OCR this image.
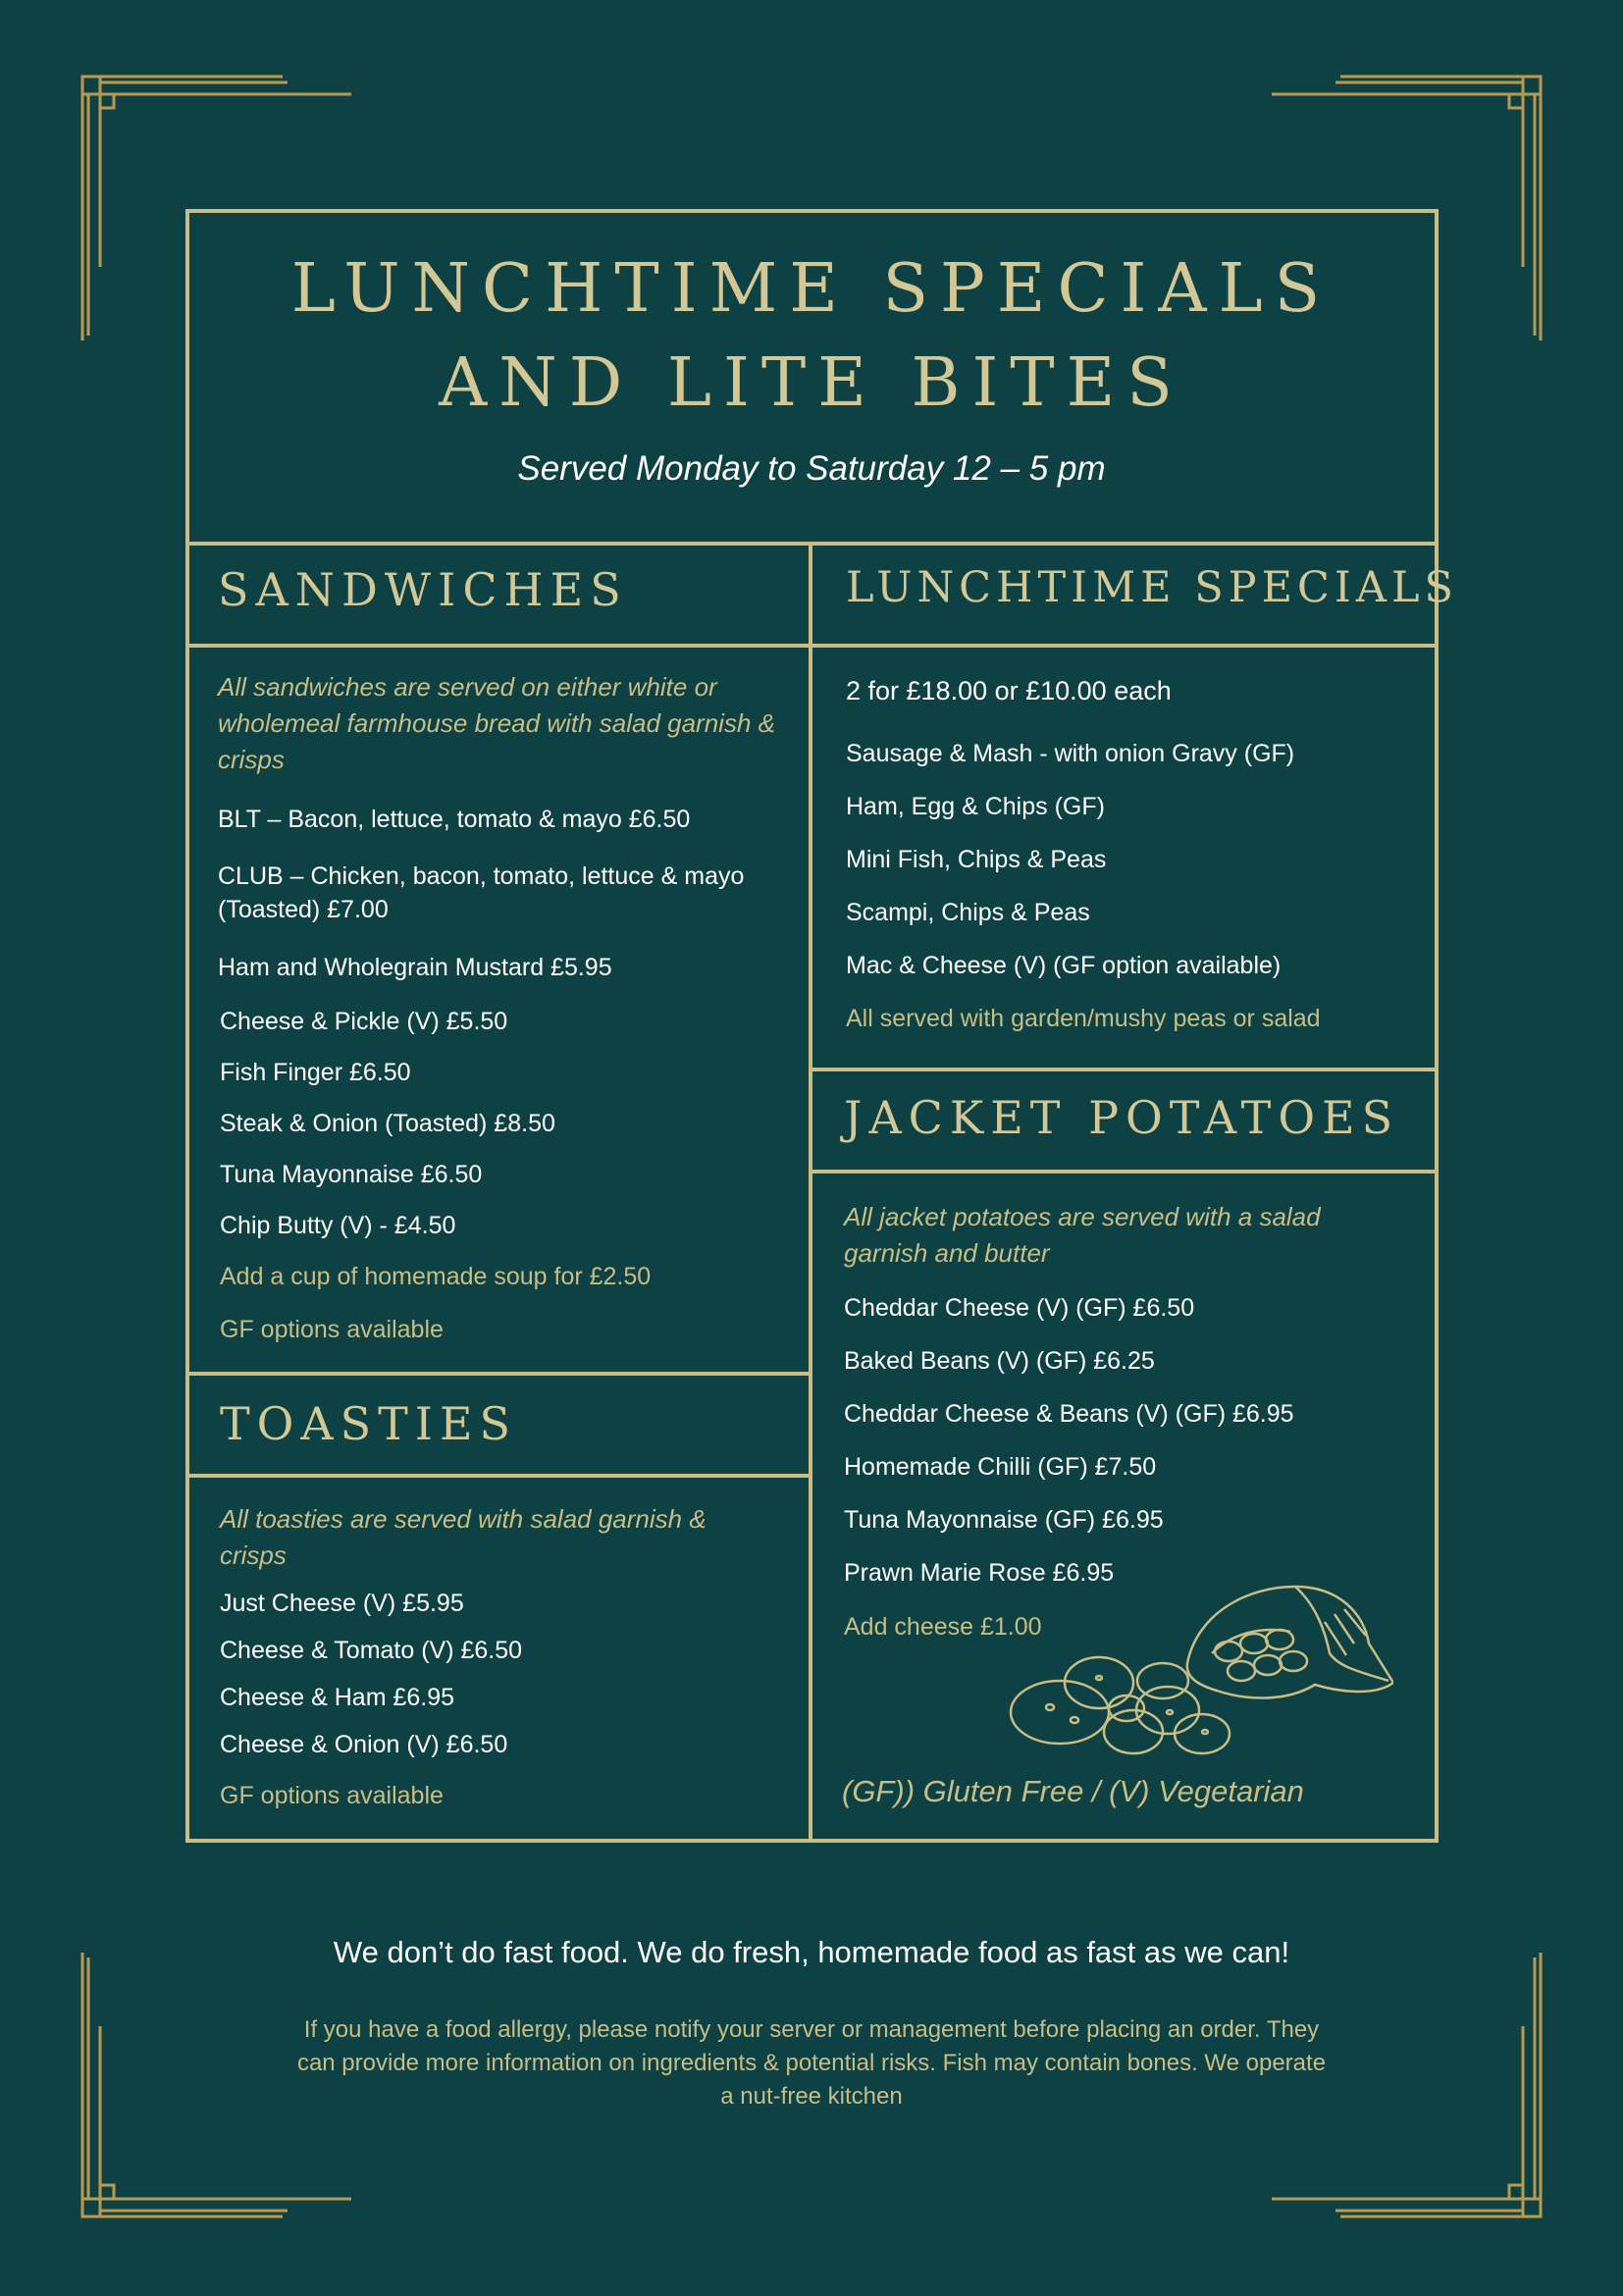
LUNCHTIME SPECIALS
AND LITE BITES
Served Monday to Saturday 12 – 5 pm
SANDWICHES
All sandwiches are served on either white or wholemeal farmhouse bread with salad garnish & crisps
BLT – Bacon, lettuce, tomato & mayo £6.50
CLUB – Chicken, bacon, tomato, lettuce & mayo (Toasted) £7.00
Ham and Wholegrain Mustard £5.95
Cheese & Pickle (V) £5.50
Fish Finger £6.50
Steak & Onion (Toasted) £8.50
Tuna Mayonnaise £6.50
Chip Butty (V) - £4.50
Add a cup of homemade soup for £2.50
GF options available
LUNCHTIME SPECIALS
2 for £18.00 or £10.00 each
Sausage & Mash - with onion Gravy (GF)
Ham, Egg & Chips (GF)
Mini Fish, Chips & Peas
Scampi, Chips & Peas
Mac & Cheese (V) (GF option available)
All served with garden/mushy peas or salad
TOASTIES
All toasties are served with salad garnish & crisps
Just Cheese (V) £5.95
Cheese & Tomato (V) £6.50
Cheese & Ham £6.95
Cheese & Onion (V) £6.50
GF options available
JACKET POTATOES
All jacket potatoes are served with a salad garnish and butter
Cheddar Cheese (V) (GF) £6.50
Baked Beans (V) (GF) £6.25
Cheddar Cheese & Beans (V) (GF) £6.95
Homemade Chilli (GF) £7.50
Tuna Mayonnaise (GF) £6.95
Prawn Marie Rose £6.95
Add cheese £1.00
(GF)) Gluten Free / (V) Vegetarian
We don’t do fast food. We do fresh, homemade food as fast as we can!
If you have a food allergy, please notify your server or management before placing an order. They can provide more information on ingredients & potential risks. Fish may contain bones. We operate a nut-free kitchen
